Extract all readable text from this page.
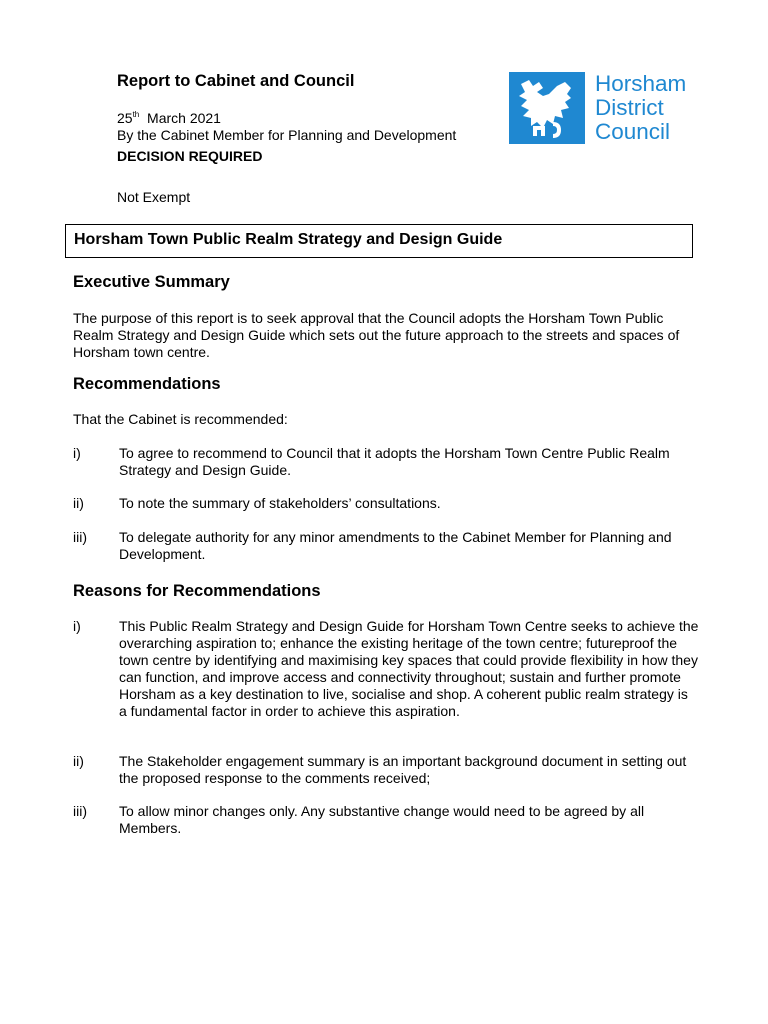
Report to Cabinet and Council
25th March 2021
By the Cabinet Member for Planning and Development
DECISION REQUIRED
Not Exempt
Horsham
District
Council
Horsham Town Public Realm Strategy and Design Guide
Executive Summary
The purpose of this report is to seek approval that the Council adopts the Horsham Town Public Realm Strategy and Design Guide which sets out the future approach to the streets and spaces of Horsham town centre.
Recommendations
That the Cabinet is recommended:
i)	To agree to recommend to Council that it adopts the Horsham Town Centre Public Realm Strategy and Design Guide.
ii)	To note the summary of stakeholders’ consultations.
iii)	To delegate authority for any minor amendments to the Cabinet Member for Planning and Development.
Reasons for Recommendations
i)	This Public Realm Strategy and Design Guide for Horsham Town Centre seeks to achieve the overarching aspiration to; enhance the existing heritage of the town centre; futureproof the town centre by identifying and maximising key spaces that could provide flexibility in how they can function, and improve access and connectivity throughout; sustain and further promote Horsham as a key destination to live, socialise and shop. A coherent public realm strategy is a fundamental factor in order to achieve this aspiration.
ii)	The Stakeholder engagement summary is an important background document in setting out the proposed response to the comments received;
iii)	To allow minor changes only. Any substantive change would need to be agreed by all Members.
